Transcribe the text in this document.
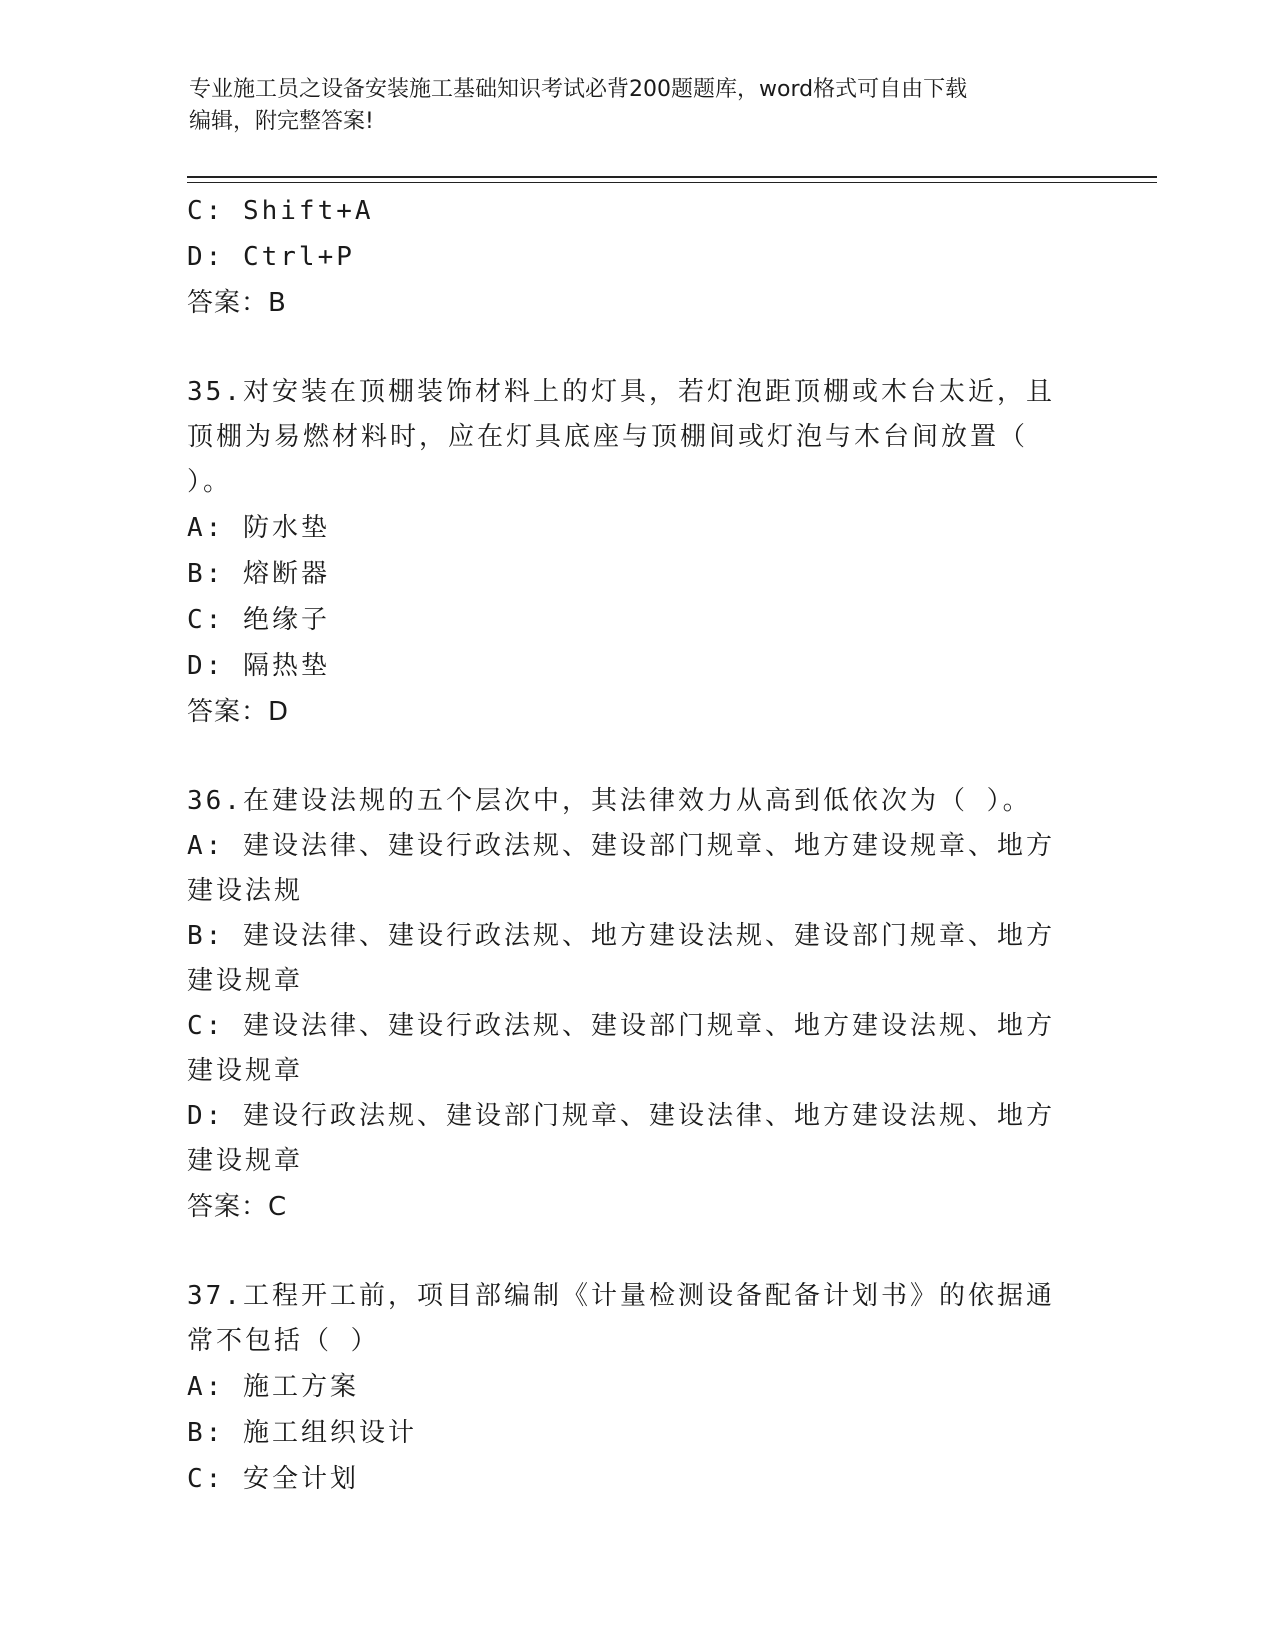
专业施工员之设备安装施工基础知识考试必背200题题库，word格式可自由下载
编辑，附完整答案!
C: Shift+A
D: Ctrl+P
答案：B
35.对安装在顶棚装饰材料上的灯具，若灯泡距顶棚或木台太近，且顶棚为易燃材料时，应在灯具底座与顶棚间或灯泡与木台间放置（ ）。
A: 防水垫
B: 熔断器
C: 绝缘子
D: 隔热垫
答案：D
36.在建设法规的五个层次中，其法律效力从高到低依次为（ ）。
A: 建设法律、建设行政法规、建设部门规章、地方建设规章、地方建设法规
B: 建设法律、建设行政法规、地方建设法规、建设部门规章、地方建设规章
C: 建设法律、建设行政法规、建设部门规章、地方建设法规、地方建设规章
D: 建设行政法规、建设部门规章、建设法律、地方建设法规、地方建设规章
答案：C
37.工程开工前，项目部编制《计量检测设备配备计划书》的依据通常不包括（ ）
A: 施工方案
B: 施工组织设计
C: 安全计划
